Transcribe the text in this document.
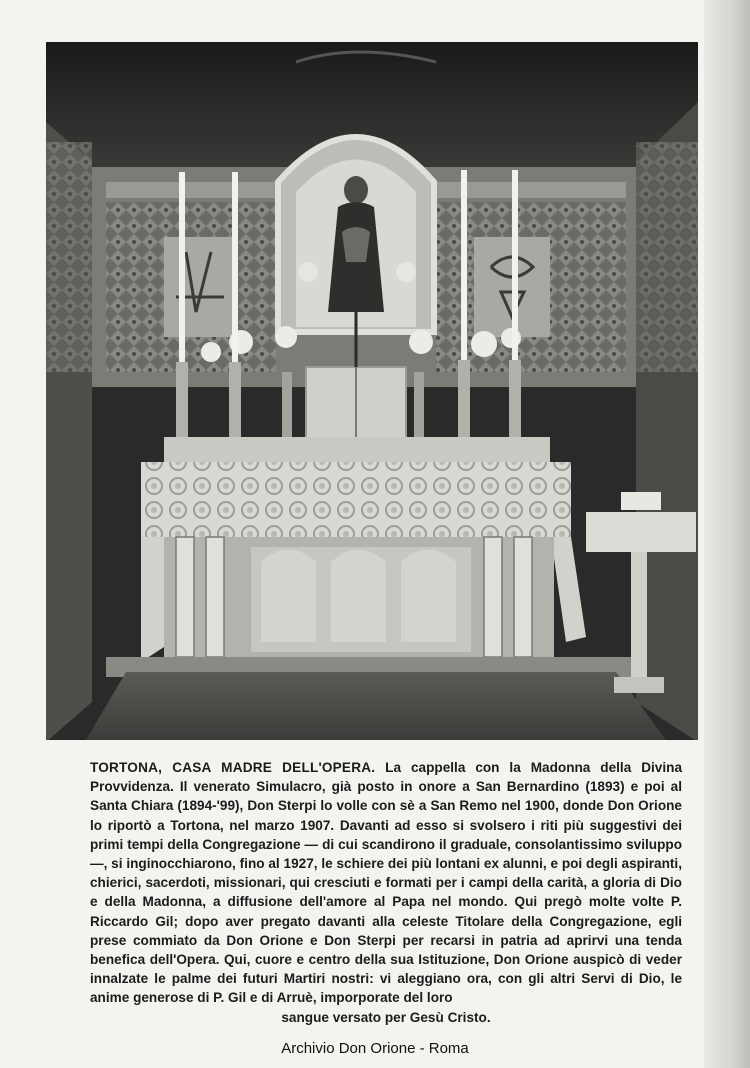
TORTONA, CASA MADRE DELL'OPERA. La cappella con la Madonna della Divina Provvidenza. Il venerato Simulacro, già posto in onore a San Bernardino (1893) e poi al Santa Chiara (1894-'99), Don Sterpi lo volle con sè a San Remo nel 1900, donde Don Orione lo riportò a Tortona, nel marzo 1907. Davanti ad esso si svolsero i riti più suggestivi dei primi tempi della Congregazione — di cui scandirono il graduale, consolantissimo sviluppo —, si inginocchiarono, fino al 1927, le schiere dei più lontani ex alunni, e poi degli aspiranti, chierici, sacerdoti, missionari, qui cresciuti e formati per i campi della carità, a gloria di Dio e della Madonna, a diffusione dell'amore al Papa nel mondo. Qui pregò molte volte P. Riccardo Gil; dopo aver pregato davanti alla celeste Titolare della Congregazione, egli prese commiato da Don Orione e Don Sterpi per recarsi in patria ad aprirvi una tenda benefica dell'Opera. Qui, cuore e centro della sua Istituzione, Don Orione auspicò di veder innalzate le palme dei futuri Martiri nostri: vi aleggiano ora, con gli altri Servi di Dio, le animе generose di P. Gil e di Arruè, imporporate del loro
sangue versato per Gesù Cristo.
Archivio Don Orione - Roma
